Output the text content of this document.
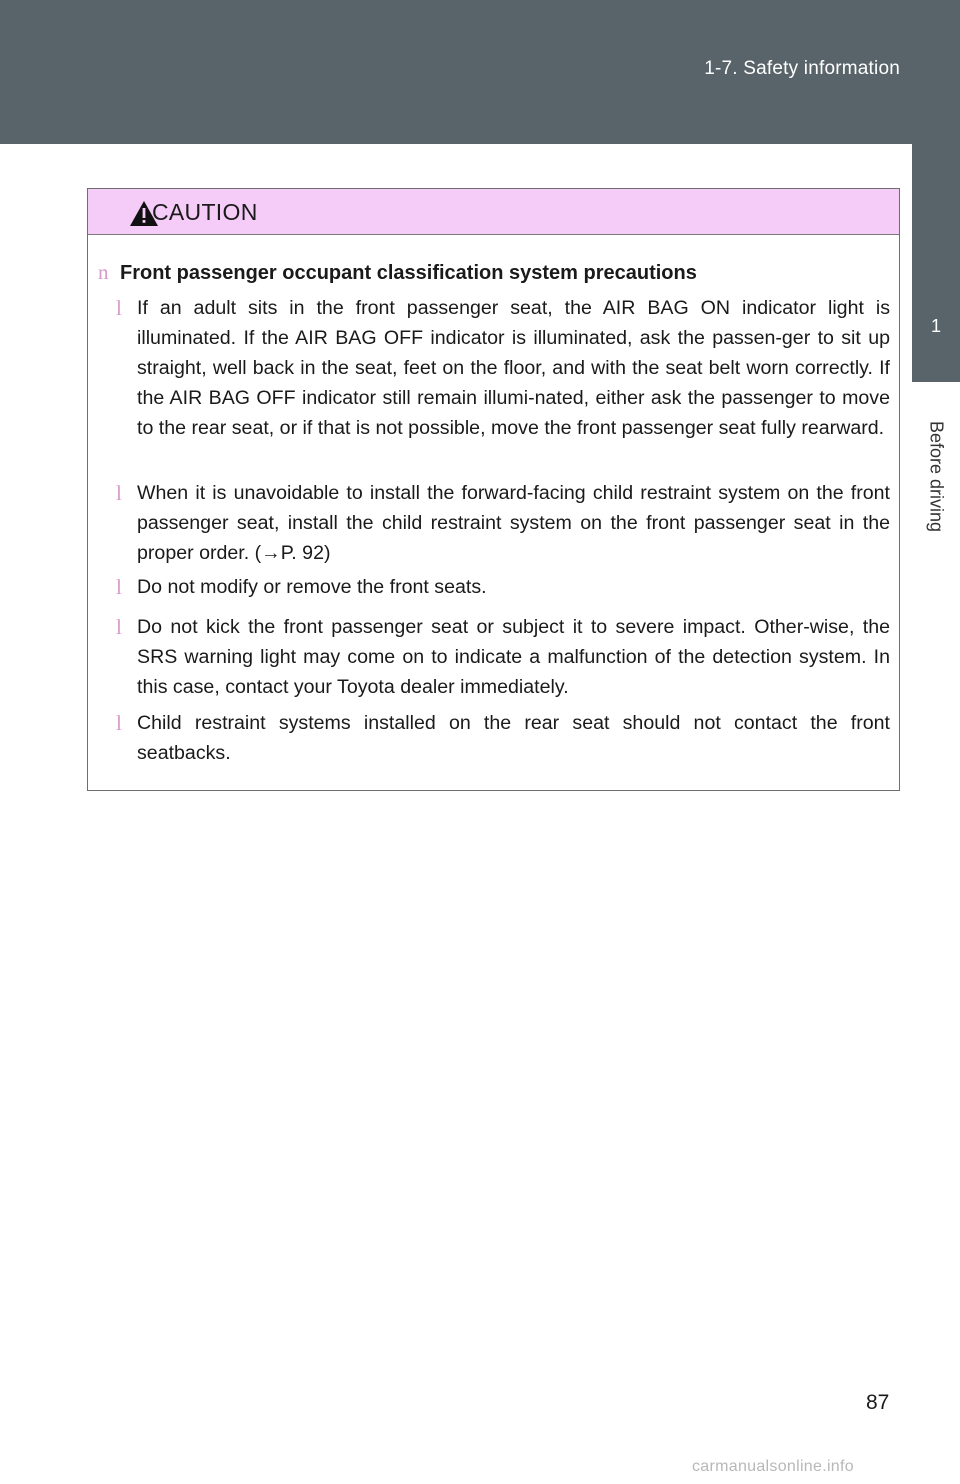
1-7. Safety information
1
Before driving
CAUTION
n Front passenger occupant classification system precautions
l If an adult sits in the front passenger seat, the AIR BAG ON indicator light is illuminated. If the AIR BAG OFF indicator is illuminated, ask the passen-ger to sit up straight, well back in the seat, feet on the floor, and with the seat belt worn correctly. If the AIR BAG OFF indicator still remain illumi-nated, either ask the passenger to move to the rear seat, or if that is not possible, move the front passenger seat fully rearward.
l When it is unavoidable to install the forward-facing child restraint system on the front passenger seat, install the child restraint system on the front passenger seat in the proper order. (→P. 92)
l Do not modify or remove the front seats.
l Do not kick the front passenger seat or subject it to severe impact. Other-wise, the SRS warning light may come on to indicate a malfunction of the detection system. In this case, contact your Toyota dealer immediately.
l Child restraint systems installed on the rear seat should not contact the front seatbacks.
87
carmanualsonline.info
